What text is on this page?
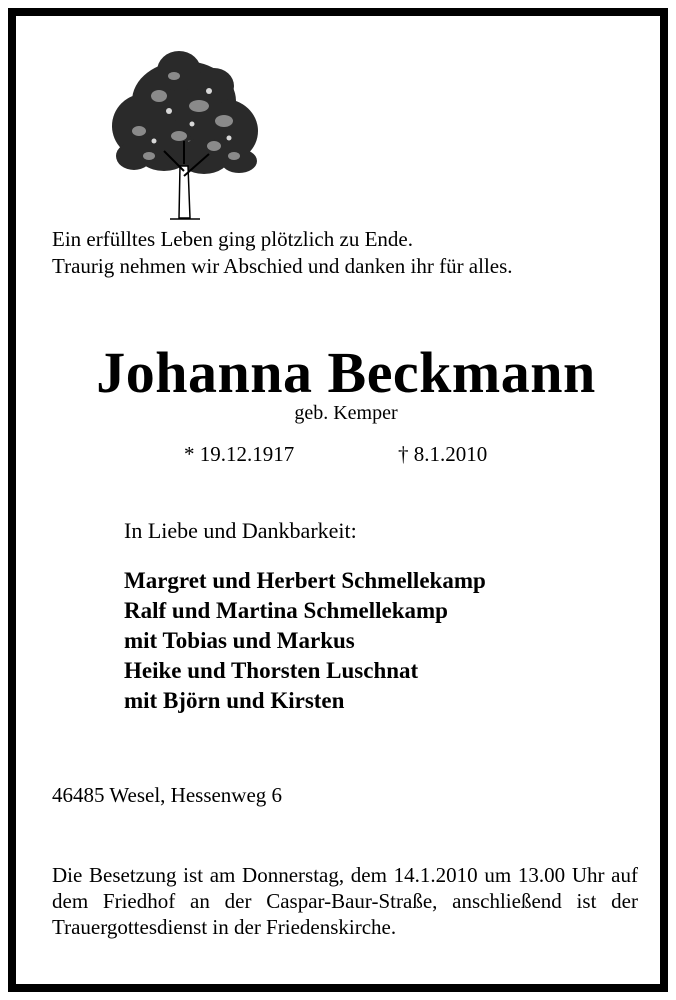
Ein erfülltes Leben ging plötzlich zu Ende.
Traurig nehmen wir Abschied und danken ihr für alles.
Johanna Beckmann
geb. Kemper
* 19.12.1917	† 8.1.2010
In Liebe und Dankbarkeit:
Margret und Herbert Schmellekamp
Ralf und Martina Schmellekamp
mit Tobias und Markus
Heike und Thorsten Luschnat
mit Björn und Kirsten
46485 Wesel, Hessenweg 6
Die Besetzung ist am Donnerstag, dem 14.1.2010 um 13.00 Uhr auf dem Friedhof an der Caspar-Baur-Straße, anschließend ist der Trauergottesdienst in der Friedenskirche.
